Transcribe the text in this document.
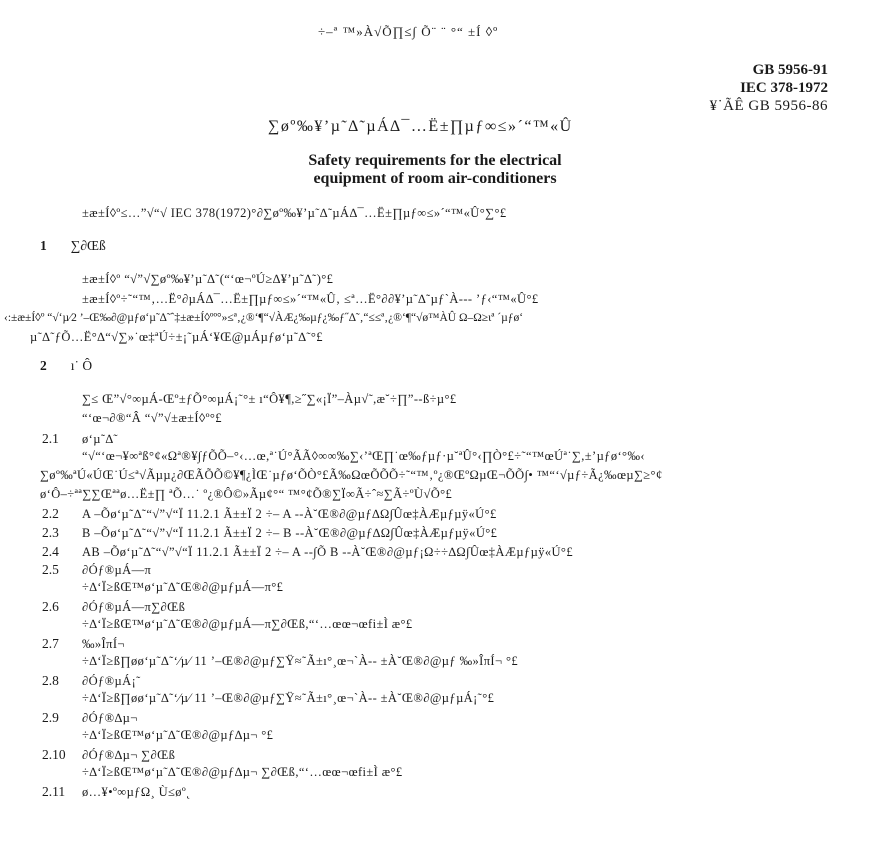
÷–ª ™»À√Õ∏≤∫ Õ¨ ¨ °“ ±Í ◊º
GB 5956-91
IEC 378-1972
¥˙ÃÊ GB 5956-86
∑øº‰¥’µ˜∆˜µÁ∆¯…Ë±∏µƒ∞≤»´“™«Û
Safety requirements for the electrical
equipment of room air-conditioners
±æ±Í◊º≤…”√“√ IEC 378(1972)°∂∑øº‰¥’µ˜∆˜µÁ∆¯…Ë±∏µƒ∞≤»´“™«Û°∑°£
1 ∑∂Œß
±æ±Í◊º “√”√∑øº‰¥’µ˜∆˜(“‘œ¬ºÚ≥∆¥’µ˜∆˜)°£
±æ±Í◊º÷˜“™‚…Ë°∂µÁ∆¯…Ë±∏µƒ∞≤»´“™«Û‚ ≤ª…Ë°∂∂¥’µ˜∆˜µƒ`À‐‐‐ ’ƒ‹“™«Û°£
‹:±æ±Í◊º “√‘µ⁄2 ’–Œ‰∂@µƒø‘µ˜∆˜ˆ‡±æ±Í◊ºº°»≤ª‚¿®‘¶“√ÀÆ¿‰µƒ¿‰ƒ˝∆˜‚“≤≤ª‚¿®‘¶“√ø™ÀÛ Ω–Ω≥ιª ´µƒø‘
µ˜∆˜ƒÕ…Ë°∆“√∑»˙œ‡ªÚ÷±¡˜µÁ‘¥Œ@µÁµƒø‘µ˜∆˜°£
2 ı˙ Ô
∑≤ Œ”√°∞µÁ‐Œº±ƒÕ°∞µÁ¡˜°± ı“Ô¥¶,≥˝∑«¡Ï”–Àµ√˜,æ˘÷∏”‐‐ß÷µ°£
“‘œ¬∂®“Â “√”√±æ±Í◊º°£
2.1 ø‘µ˜∆˜
“√“‘œ¬¥∞ªß°¢«Ωª®¥∫ƒÕÕ–°‹…œ,ª˙Ú°ÃÃ◊∞∞‰∑‹’ªŒ∏˙œ‰ƒµƒ·µ˘ªÛ°‹∏Ò°£÷˜“™œÚª˙∑,±’µƒø‘°‰‹
∑øº‰ªÚ«ÚŒ˙Ú≤ª√Ãµµ¿∂ŒÃÕÕ©¥¶¿ÌŒ˙µƒø‘ÕÒ°£Ã‰ΩœÕÕÕ÷˜“™‚º¿®ŒºΩµŒ¬ÕÕ∫• ™“‘√µƒ÷Ã¿‰œµ∑≥°¢
ø‘Ô–÷ªª∑∑Œªªø…Ë±∏ ªÕ…˙ º¿®Ô©»Ãµ¢°“ ™°¢Õ®∑Ï∞Ã÷ˆ≈∑Ã÷ºÙ√Õ°£
2.2 A –Õø‘µ˜∆˜“√”√“Ï 11.2.1 Ã±±Ï 2 ÷– A ‐‐À˘Œ®∂@µƒ∆Ω∫Ûœ‡ÀÆµƒµÿ«Ú°£
2.3 B –Õø‘µ˜∆˜“√”√“Ï 11.2.1 Ã±±Ï 2 ÷– B ‐‐À˘Œ®∂@µƒ∆Ω∫Ûœ‡ÀÆµƒµÿ«Ú°£
2.4 AB –Õø‘µ˜∆˜“√”√“Ï 11.2.1 Ã±±Ï 2 ÷– A ‐‐∫Õ B ‐‐À˘Œ®∂@µƒ¡Ω÷÷∆Ω∫Ûœ‡ÀÆµƒµÿ«Ú°£
2.5 ∂Óƒ®µÁ—π
÷∆‘Ï≥ßŒ™ø‘µ˜∆˜Œ®∂@µƒµÁ—π°£
2.6 ∂Óƒ®µÁ—π∑∂Œß
÷∆‘Ï≥ßŒ™ø‘µ˜∆˜Œ®∂@µƒµÁ—π∑∂Œß,“‘…œœ¬œfi±Ì æ°£
2.7 ‰»ÎπÍ¬
÷∆‘Ï≥ß∏øø‘µ˜∆˜‘⁄µ⁄ 11 ’–Œ®∂@µƒ∑Ÿ≈˜Ã±ı°¸œ¬`À‐‐ ±À˘Œ®∂@µƒ ‰»ÎπÍ¬ °£
2.8 ∂Óƒ®µÁ¡˜
÷∆‘Ï≥ß∏øø‘µ˜∆˜‘⁄µ⁄ 11 ’–Œ®∂@µƒ∑Ÿ≈˜Ã±ı°¸œ¬`À‐‐ ±À˘Œ®∂@µƒµÁ¡˜°£
2.9 ∂Óƒ®∆µ¬
÷∆‘Ï≥ßŒ™ø‘µ˜∆˜Œ®∂@µƒ∆µ¬ °£
2.10 ∂Óƒ®∆µ¬ ∑∂Œß
÷∆‘Ï≥ßŒ™ø‘µ˜∆˜Œ®∂@µƒ∆µ¬ ∑∂Œß,“‘…œœ¬œfi±Ì æ°£
2.11 ø…¥•º∞µƒΩ¸ Ù≤øº˛
